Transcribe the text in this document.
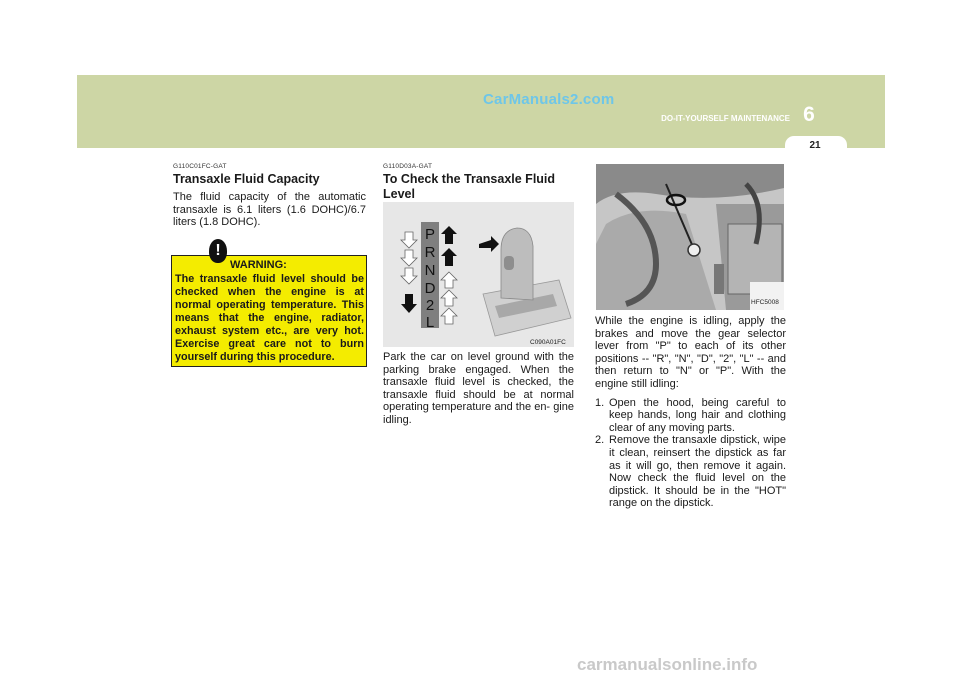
CarManuals2.com
DO-IT-YOURSELF MAINTENANCE 6
21
G110C01FC-GAT
Transaxle Fluid Capacity
The fluid capacity of the automatic transaxle is 6.1 liters (1.6 DOHC)/6.7 liters (1.8 DOHC).
!
WARNING:
The transaxle fluid level should be checked when the engine is at normal operating temperature. This means that the engine, radiator, exhaust system etc., are very hot. Exercise great care not to burn yourself during this procedure.
G110D03A-GAT
To Check the Transaxle Fluid Level
P
R
N
D
2
L
C090A01FC
Park the car on level ground with the parking brake engaged. When the transaxle fluid level is checked, the transaxle fluid should be at normal operating temperature and the en- gine idling.
HFC5008
While the engine is idling, apply the brakes and move the gear selector lever from "P" to each of its other positions -- "R", "N", "D", "2", "L" -- and then return to "N" or "P". With the engine still idling:
1. Open the hood, being careful to keep hands, long hair and clothing clear of any moving parts.
2. Remove the transaxle dipstick, wipe it clean, reinsert the dipstick as far as it will go, then remove it again. Now check the fluid level on the dipstick. It should be in the "HOT" range on the dipstick.
carmanualsonline.info
